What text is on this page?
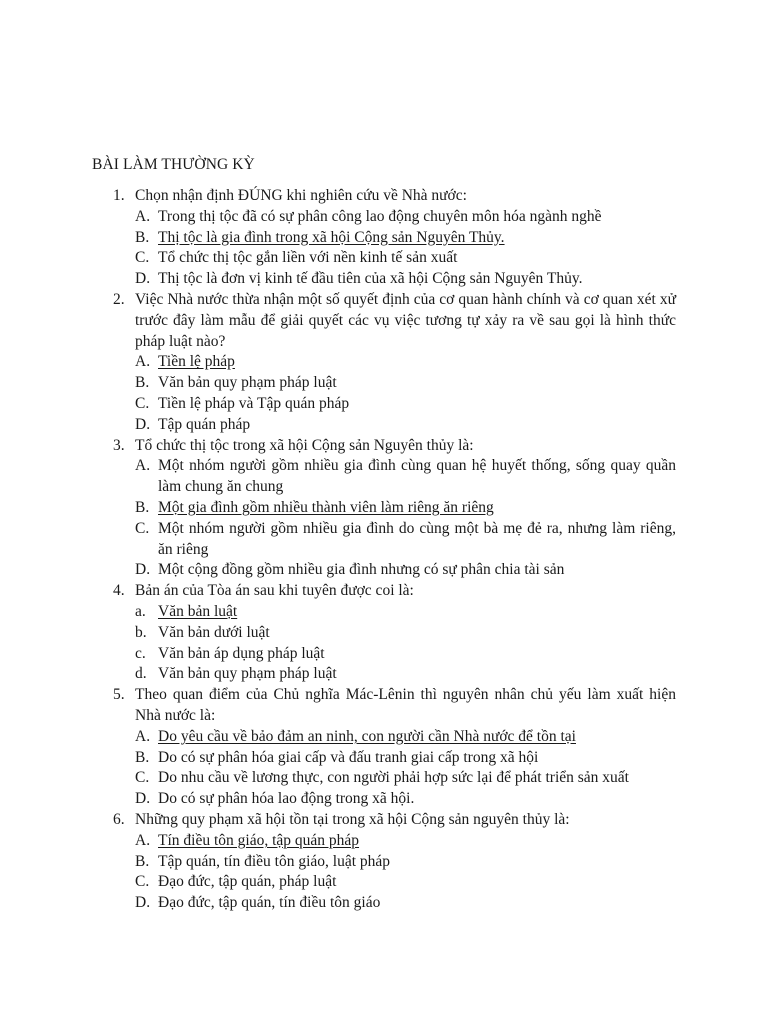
BÀI LÀM THƯỜNG KỲ
1. Chọn nhận định ĐÚNG khi nghiên cứu về Nhà nước:
A. Trong thị tộc đã có sự phân công lao động chuyên môn hóa ngành nghề
B. Thị tộc là gia đình trong xã hội Cộng sản Nguyên Thủy.
C. Tổ chức thị tộc gắn liền với nền kinh tế sản xuất
D. Thị tộc là đơn vị kinh tế đầu tiên của xã hội Cộng sản Nguyên Thủy.
2. Việc Nhà nước thừa nhận một số quyết định của cơ quan hành chính và cơ quan xét xử trước đây làm mẫu để giải quyết các vụ việc tương tự xảy ra về sau gọi là hình thức pháp luật nào?
A. Tiền lệ pháp
B. Văn bản quy phạm pháp luật
C. Tiền lệ pháp và Tập quán pháp
D. Tập quán pháp
3. Tổ chức thị tộc trong xã hội Cộng sản Nguyên thủy là:
A. Một nhóm người gồm nhiều gia đình cùng quan hệ huyết thống, sống quay quần làm chung ăn chung
B. Một gia đình gồm nhiều thành viên làm riêng ăn riêng
C. Một nhóm người gồm nhiều gia đình do cùng một bà mẹ đẻ ra, nhưng làm riêng, ăn riêng
D. Một cộng đồng gồm nhiều gia đình nhưng có sự phân chia tài sản
4. Bản án của Tòa án sau khi tuyên được coi là:
a. Văn bản luật
b. Văn bản dưới luật
c. Văn bản áp dụng pháp luật
d. Văn bản quy phạm pháp luật
5. Theo quan điểm của Chủ nghĩa Mác-Lênin thì nguyên nhân chủ yếu làm xuất hiện Nhà nước là:
A. Do yêu cầu về bảo đảm an ninh, con người cần Nhà nước để tồn tại
B. Do có sự phân hóa giai cấp và đấu tranh giai cấp trong xã hội
C. Do nhu cầu về lương thực, con người phải hợp sức lại để phát triển sản xuất
D. Do có sự phân hóa lao động trong xã hội.
6. Những quy phạm xã hội tồn tại trong xã hội Cộng sản nguyên thủy là:
A. Tín điều tôn giáo, tập quán pháp
B. Tập quán, tín điều tôn giáo, luật pháp
C. Đạo đức, tập quán, pháp luật
D. Đạo đức, tập quán, tín điều tôn giáo
